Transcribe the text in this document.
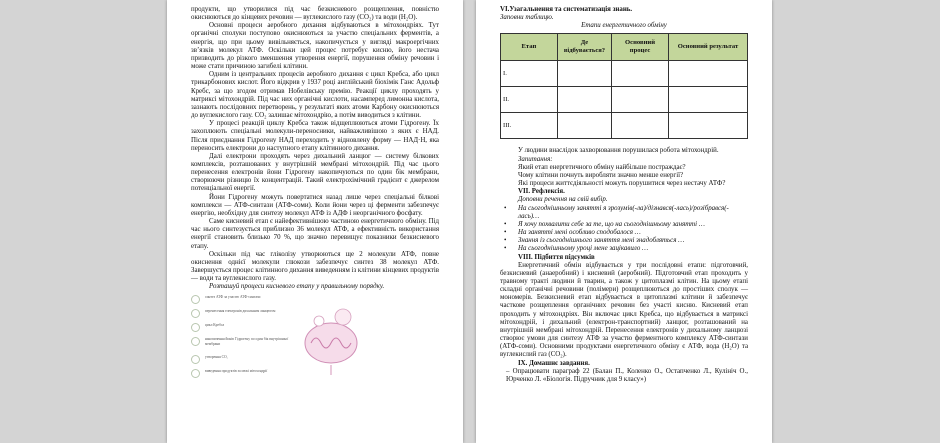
продукти, що утворилися під час безкисневого розщеплення, повністю окиснюються до кінцевих речовин — вуглекислого газу (CO₂) та води (H₂O).

Основні процеси аеробного дихання відбуваються в мітохондріях. Тут органічні сполуки поступово окиснюються за участю спеціальних ферментів, а енергія, що при цьому вивільняється, накопичується у вигляді макроергічних зв’язків молекул АТФ. Оскільки цей процес потребує кисню, його нестача призводить до різкого зменшення утворення енергії, порушення обміну речовин і може стати причиною загибелі клітини.

Одним із центральних процесів аеробного дихання є цикл Кребса, або цикл трикарбонових кислот. Його відкрив у 1937 році англійський біохімік Ганс Адольф Кребс, за що згодом отримав Нобелівську премію. Реакції циклу проходять у матриксі мітохондрій. Під час них органічні кислоти, насамперед лимонна кислота, зазнають послідовних перетворень, у результаті яких атоми Карбону окиснюються до вуглекислого газу. CO₂ залишає мітохондрію, а потім виводиться з клітини.

У процесі реакцій циклу Кребса також відщеплюються атоми Гідрогену. Їх захоплюють спеціальні молекули-переносники, найважливішою з яких є НАД. Після приєднання Гідрогену НАД переходить у відновлену форму — НАД·Н, яка переносить електрони до наступного етапу клітинного дихання.

Далі електрони проходять через дихальний ланцюг — систему білкових комплексів, розташованих у внутрішній мембрані мітохондрій. Під час цього перенесення електронів йони Гідрогену накопичуються по один бік мембрани, створюючи різницю їх концентрацій. Такий електрохімічний градієнт є джерелом потенціальної енергії.

Йони Гідрогену можуть повертатися назад лише через спеціальні білкові комплекси — АТФ-синтази (АТФ-соми). Коли йони через ці ферменти забезпечує енергію, необхідну для синтезу молекул АТФ із АДФ і неорганічного фосфату.

Саме кисневий етап є найефективнішою частиною енергетичного обміну. Під час нього синтезується приблизно 36 молекул АТФ, а ефективність використання енергії становить близько 70 %, що значно перевищує показники безкисневого етапу.

Оскільки під час гліколізу утворюються ще 2 молекули АТФ, повне окиснення однієї молекули глюкози забезпечує синтез 38 молекул АТФ. Завершується процес клітинного дихання виведенням із клітини кінцевих продуктів — води та вуглекислого газу.

Розташуй процеси кисневого етапу у правильному порядку.

синтез АТФ за участю АТФ-синтази
перенесення електронів дихальним ланцюгом
цикл Кребса
накопичення йонів Гідрогену по один бік внутрішньої мембрани
утворення CO₂
виведення продуктів за межі мітохондрії

VI.Узагальнення та систематизація знань.

Заповни таблицю.

Етапи енергетичного обміну

Етап	Де відбувається?	Основний процес	Основний результат
I.			
II.			
III.			

У людини внаслідок захворювання порушилася робота мітохондрій.

Запитання:

Який етап енергетичного обміну найбільше постраждає?

Чому клітини почнуть виробляти значно менше енергії?

Які процеси життєдіяльності можуть порушитися через нестачу АТФ?

VII. Рефлексія.

Доповни речення на свій вибір.

• На сьогоднішньому занятті я зрозумів(-ла)/дізнався(-лась)/розібрався(-лась)…
• Я хочу похвалити себе за те, що на сьогоднішньому занятті …
• На занятті мені особливо сподобалося …
• Знання із сьогоднішнього заняття мені знадобляться …
• На сьогоднішньому уроці мене зацікавило …

VIII. Підбиття підсумків

Енергетичний обмін відбувається у три послідовні етапи: підготовчий, безкисневий (анаеробний) і кисневий (аеробний). Підготовчий етап проходить у травному тракті людини й тварин, а також у цитоплазмі клітин. На цьому етапі складні органічні речовини (полімери) розщеплюються до простіших сполук — мономерів. Безкисневий етап відбувається в цитоплазмі клітини й забезпечує часткове розщеплення органічних речовин без участі кисню. Кисневий етап проходить у мітохондріях. Він включає цикл Кребса, що відбувається в матриксі мітохондрій, і дихальний (електрон-транспортний) ланцюг, розташований на внутрішній мембрані мітохондрій. Перенесення електронів у дихальному ланцюзі створює умови для синтезу АТФ за участю ферментного комплексу АТФ-синтази (АТФ-соми). Основними продуктами енергетичного обміну є АТФ, вода (H₂O) та вуглекислий газ (CO₂).

IX. Домашнє завдання.

– Опрацювати параграф 22 (Балан П., Коленко О., Остапченко Л., Кулініч О., Юрченко Л. «Біологія. Підручник для 9 класу»)
